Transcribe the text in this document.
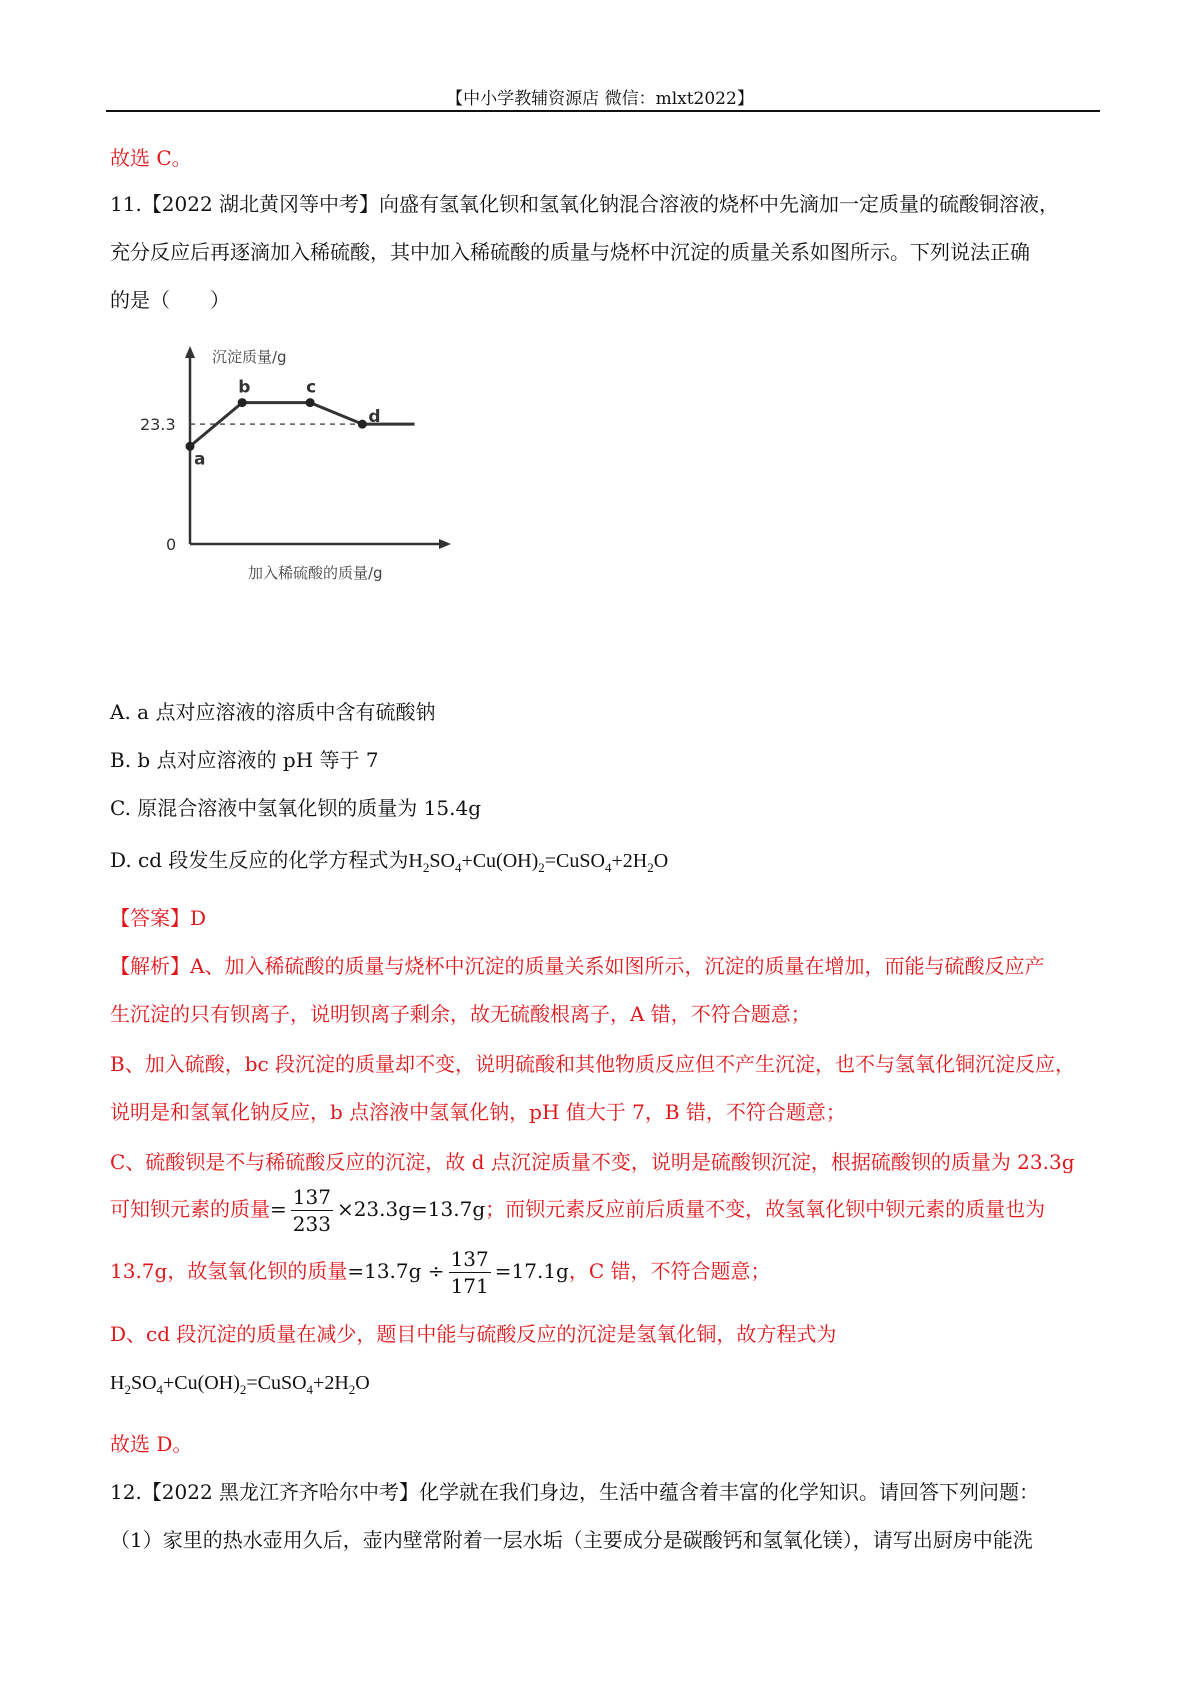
【中小学教辅资源店 微信：mlxt2022】
故选 C。
11.【2022 湖北黄冈等中考】向盛有氢氧化钡和氢氧化钠混合溶液的烧杯中先滴加一定质量的硫酸铜溶液，
充分反应后再逐滴加入稀硫酸，其中加入稀硫酸的质量与烧杯中沉淀的质量关系如图所示。下列说法正确
的是（　　）
沉淀质量/g
加入稀硫酸的质量/g
0
23.3
a
b	c
d
A. a 点对应溶液的溶质中含有硫酸钠
B. b 点对应溶液的 pH 等于 7
C. 原混合溶液中氢氧化钡的质量为 15.4g
D. cd 段发生反应的化学方程式为$H_2SO_4+Cu(OH)_2=CuSO_4+2H_2O$
【答案】D
【解析】A、加入稀硫酸的质量与烧杯中沉淀的质量关系如图所示，沉淀的质量在增加，而能与硫酸反应产
生沉淀的只有钡离子，说明钡离子剩余，故无硫酸根离子，A 错，不符合题意；
B、加入硫酸，bc 段沉淀的质量却不变，说明硫酸和其他物质反应但不产生沉淀，也不与氢氧化铜沉淀反应，
说明是和氢氧化钠反应，b 点溶液中氢氧化钠，pH 值大于 7，B 错，不符合题意；
C、硫酸钡是不与稀硫酸反应的沉淀，故 d 点沉淀质量不变，说明是硫酸钡沉淀，根据硫酸钡的质量为 23.3g
可知钡元素的质量= $\frac{137}{233} \times 23.3g=13.7g$；而钡元素反应前后质量不变，故氢氧化钡中钡元素的质量也为
13.7g，故氢氧化钡的质量$=13.7g \div \frac{137}{171} =17.1g$，C 错，不符合题意；
D、cd 段沉淀的质量在减少，题目中能与硫酸反应的沉淀是氢氧化铜，故方程式为
$H_2SO_4+Cu(OH)_2=CuSO_4+2H_2O$
故选 D。
12.【2022 黑龙江齐齐哈尔中考】化学就在我们身边，生活中蕴含着丰富的化学知识。请回答下列问题：
（1）家里的热水壶用久后，壶内壁常附着一层水垢（主要成分是碳酸钙和氢氧化镁），请写出厨房中能洗
